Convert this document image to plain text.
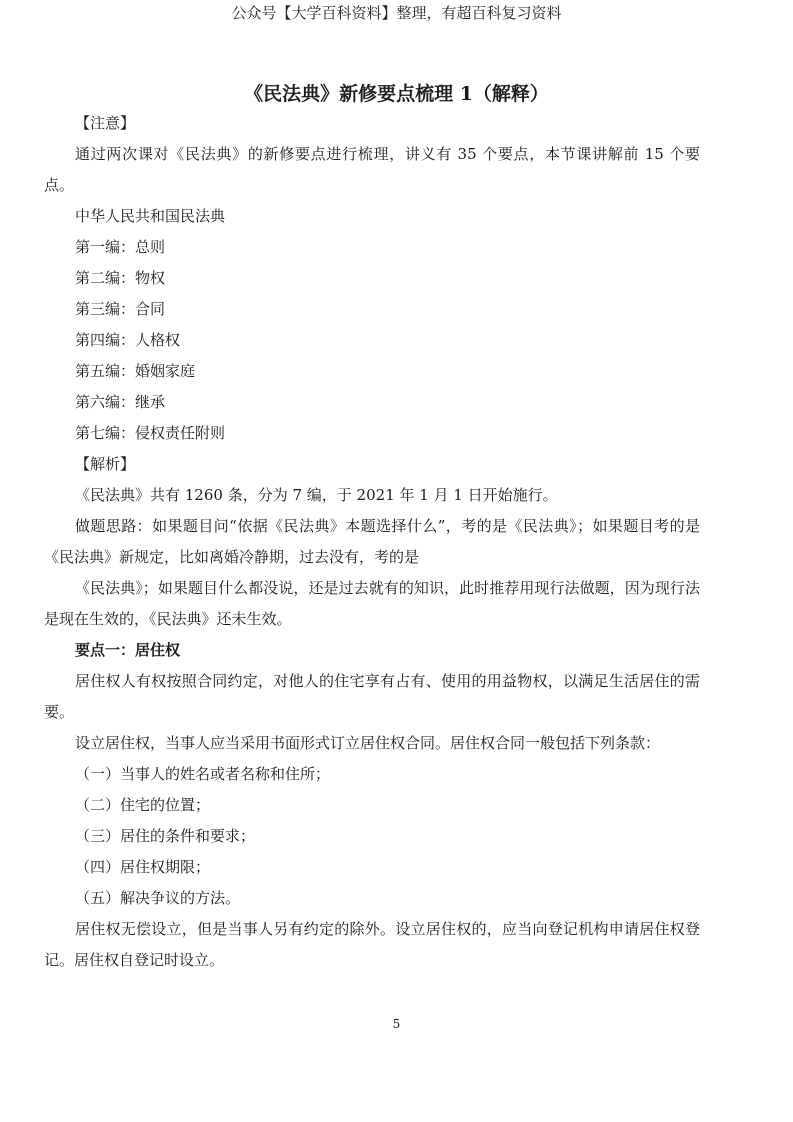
公众号【大学百科资料】整理，有超百科复习资料
《民法典》新修要点梳理 1（解释）

【注意】

通过两次课对《民法典》的新修要点进行梳理，讲义有 35 个要点，本节课讲解前 15 个要点。

中华人民共和国民法典

第一编：总则

第二编：物权

第三编：合同

第四编：人格权

第五编：婚姻家庭

第六编：继承

第七编：侵权责任附则

【解析】

《民法典》共有 1260 条，分为 7 编，于 2021 年 1 月 1 日开始施行。

做题思路：如果题目问“依据《民法典》本题选择什么”，考的是《民法典》；如果题目考的是《民法典》新规定，比如离婚冷静期，过去没有，考的是

《民法典》；如果题目什么都没说，还是过去就有的知识，此时推荐用现行法做题，因为现行法是现在生效的，《民法典》还未生效。

要点一：居住权

居住权人有权按照合同约定，对他人的住宅享有占有、使用的用益物权，以满足生活居住的需要。

设立居住权，当事人应当采用书面形式订立居住权合同。居住权合同一般包括下列条款：

（一）当事人的姓名或者名称和住所；

（二）住宅的位置；

（三）居住的条件和要求；

（四）居住权期限；

（五）解决争议的方法。

居住权无偿设立，但是当事人另有约定的除外。设立居住权的，应当向登记机构申请居住权登记。居住权自登记时设立。

5
